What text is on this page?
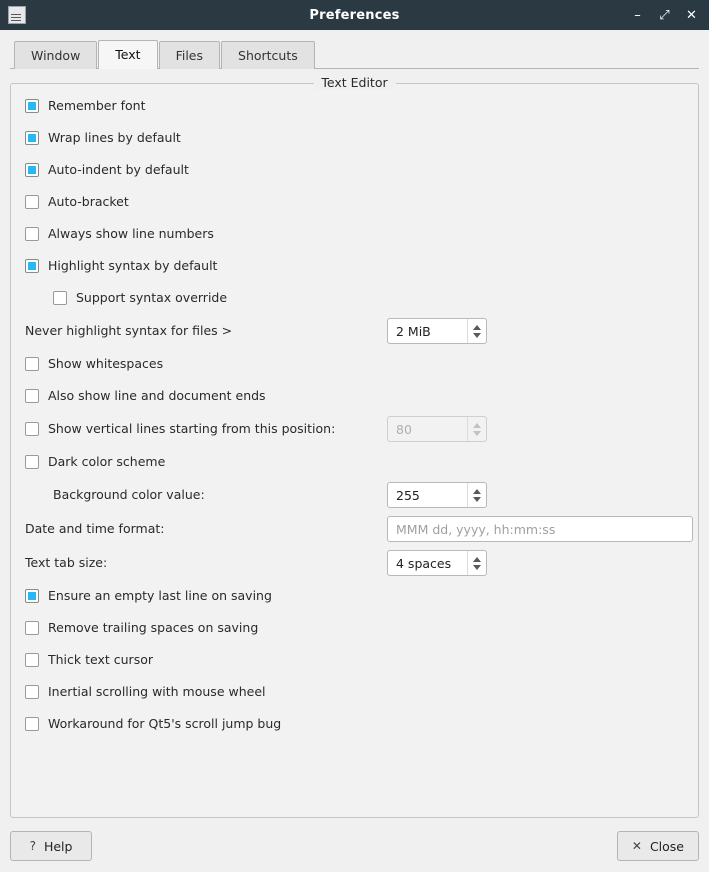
Preferences	– ⤢ ✕
Window	Text	Files	Shortcuts
Text Editor
Remember font
Wrap lines by default
Auto-indent by default
Auto-bracket
Always show line numbers
Highlight syntax by default
Support syntax override
Never highlight syntax for files >	2 MiB
Show whitespaces
Also show line and document ends
Show vertical lines starting from this position:	80
Dark color scheme
Background color value:	255
Date and time format:	MMM dd, yyyy, hh:mm:ss
Text tab size:	4 spaces
Ensure an empty last line on saving
Remove trailing spaces on saving
Thick text cursor
Inertial scrolling with mouse wheel
Workaround for Qt5's scroll jump bug
? Help	✕ Close
